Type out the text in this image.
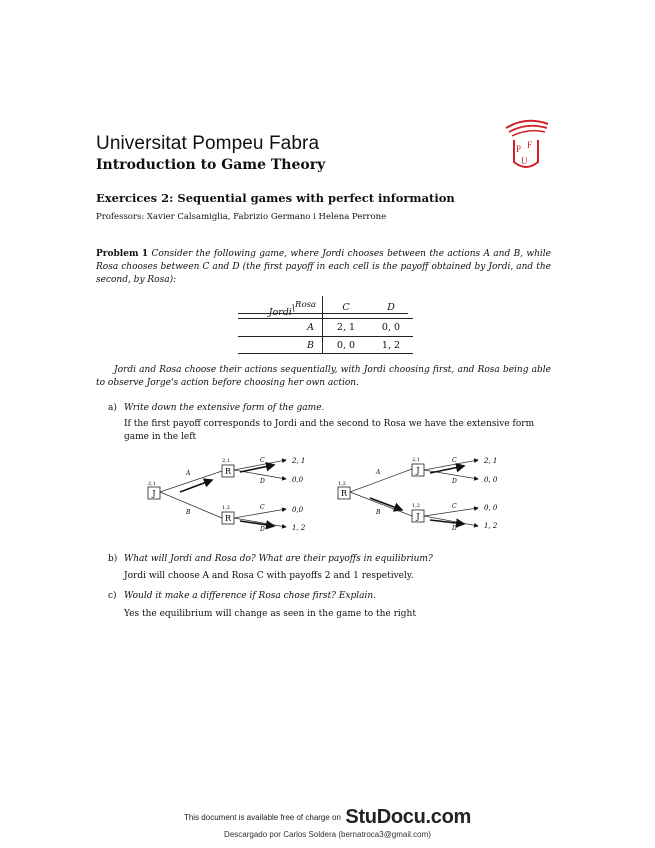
Universitat Pompeu Fabra
Introduction to Game Theory
P F
U
Exercices 2: Sequential games with perfect information
Professors: Xavier Calsamiglia, Fabrizio Germano i Helena Perrone
Problem 1 Consider the following game, where Jordi chooses between the actions A and B, while Rosa chooses between C and D (the first payoff in each cell is the payoff obtained by Jordi, and the second, by Rosa):
Jordi\$^{Rosa}$	C	D
A	2, 1	0, 0
B	0, 0	1, 2
Jordi and Rosa choose their actions sequentially, with Jordi choosing first, and Rosa being able to observe Jorge's action before choosing her own action.
a) Write down the extensive form of the game.
If the first payoff corresponds to Jordi and the second to Rosa we have the extensive form game in the left
J
2,1
R
2,1
R
1,2
A
B
C
D
C
D
2, 1
0,0
0,0
1, 2
R
1,2
J
2,1
J
1,2
A
B
C
D
C
D
2, 1
0, 0
0, 0
1, 2
b) What will Jordi and Rosa do? What are their payoffs in equilibrium?
Jordi will choose A and Rosa C with payoffs 2 and 1 respetively.
c) Would it make a difference if Rosa chose first? Explain.
Yes the equilibrium will change as seen in the game to the right
This document is available free of charge on StuDocu.com
Descargado por Carlos Soldera (bernatroca3@gmail.com)
